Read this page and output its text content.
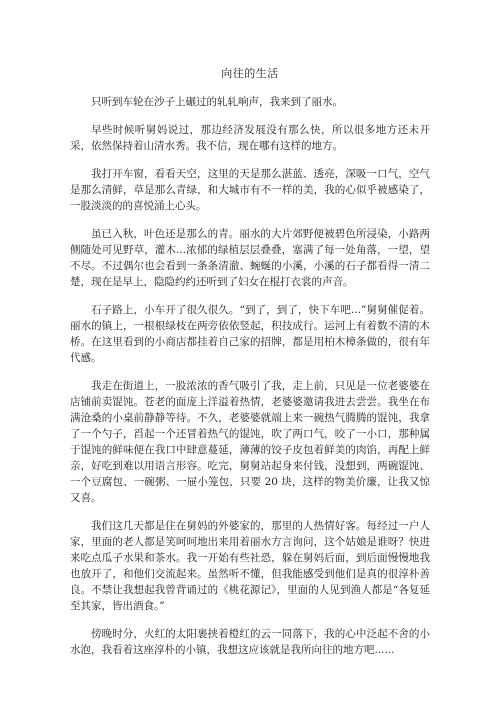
向往的生活

只听到车轮在沙子上碾过的轧轧响声，我来到了丽水。

早些时候听舅妈说过，那边经济发展没有那么快，所以很多地方还未开采，依然保持着山清水秀。我不信，现在哪有这样的地方。

我打开车窗，看看天空，这里的天是那么湛蓝、透亮，深吸一口气，空气是那么清鲜，草是那么青绿，和大城市有不一样的美，我的心似乎被感染了，一股淡淡的的喜悦涌上心头。

虽已入秋，叶色还是那么的青。丽水的大片郊野便被碧色所浸染，小路两侧随处可见野草，灌木...浓郁的绿植层层叠叠，塞满了每一处角落，一望，望不尽。不过偶尔也会看到一条条清澈、蜿蜒的小溪，小溪的石子都看得一清二楚，现在是早上，隐隐约约还听到了妇女在棍打衣裳的声音。

石子路上，小车开了很久很久。“到了，到了，快下车吧...”舅舅催促着。丽水的镇上，一根根绿枝在两旁依依竖起，积技成行。运河上有着数不清的木桥。在这里看到的小商店都挂着自己家的招牌，都是用柏木樟条做的，很有年代感。

我走在街道上，一股浓浓的香气吸引了我，走上前，只见是一位老婆婆在店铺前卖馄饨。苍老的面庞上洋溢着热情，老婆婆邀请我进去尝尝。我坐在布满沧桑的小桌前静静等待。不久，老婆婆就端上来一碗热气腾腾的馄饨，我拿了一个勺子，舀起一个还冒着热气的馄饨，吹了两口气，咬了一小口，那种属于馄饨的鲜味便在我口中肆意蔓延，薄薄的饺子皮包着鲜美的肉馅，再配上鲜亲，好吃到难以用语言形容。吃完，舅舅站起身来付钱，没想到，两碗馄饨、一个豆腐包、一碗粥、一屉小笼包，只要 20 块，这样的物美价廉，让我又惊又喜。

我们这几天都是住在舅妈的外婆家的，那里的人热情好客。每经过一户人家，里面的老人都是笑呵呵地出来用着丽水方言询问，这个姑娘是谁呀？快进来吃点瓜子水果和茶水。我一开始有些社恐，躲在舅妈后面，到后面慢慢地我也放开了，和他们交流起来。虽然听不懂，但我能感受到他们是真的很淳朴善良。不禁让我想起我曾背诵过的《桃花源记》，里面的人见到渔人都是“各复延至其家，皆出酒食。”

傍晚时分，火红的太阳裹挟着橙红的云一同落下，我的心中泛起不舍的小水泡，我看着这座淳朴的小镇，我想这应该就是我所向往的地方吧......
